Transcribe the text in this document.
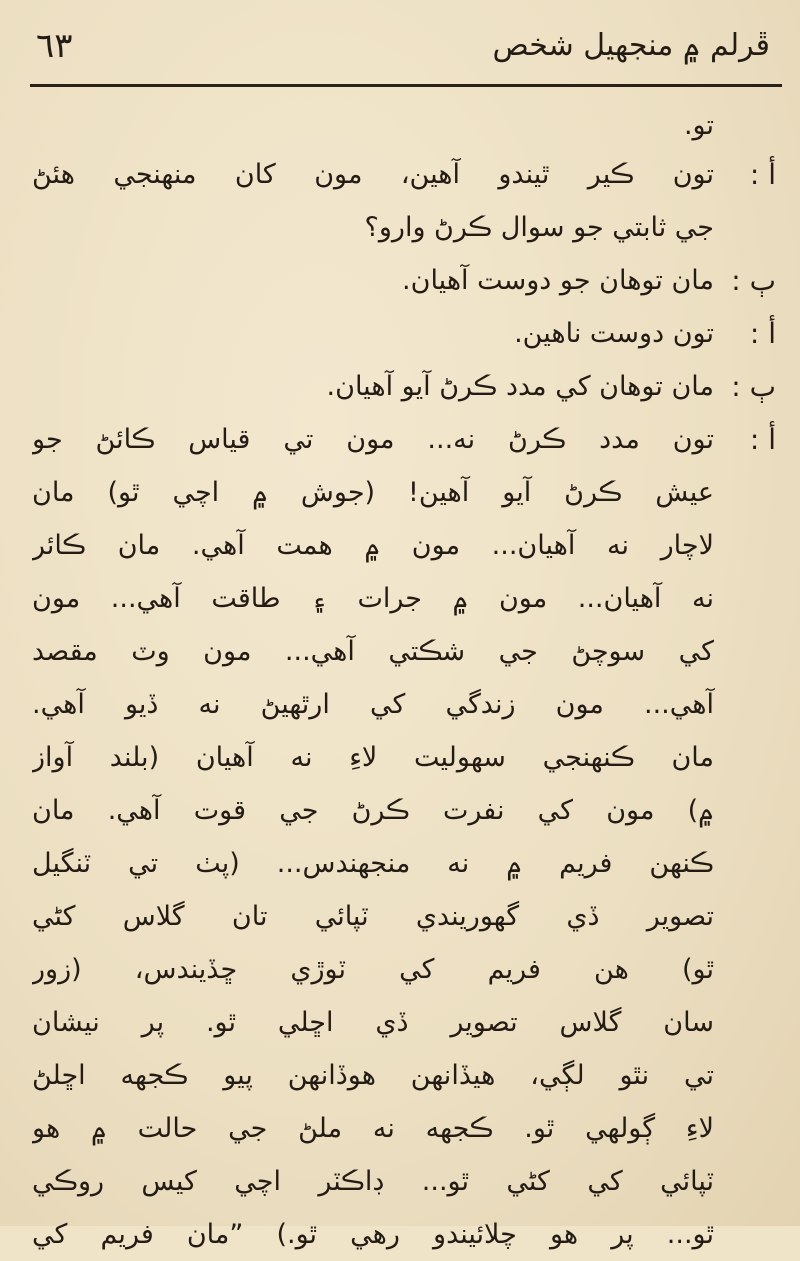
٦٣	ڦرلم ۾ منجهيل شخص
تو.
أ :
تون ڪير ٿيندو آهين، مون کان منهنجي هئڻ
جي ثابتي جو سوال ڪرڻ وارو؟
ٻ :
مان توهان جو دوست آهيان.
أ :
تون دوست ناهين.
ٻ :
مان توهان کي مدد ڪرڻ آيو آهيان.
أ :
تون مدد ڪرڻ نه... مون تي قياس ڪائڻ جو
عيش ڪرڻ آيو آهين! (جوش ۾ اچي ٿو) مان
لاچار نه آهيان... مون ۾ همت آهي. مان ڪائر
نه آهيان... مون ۾ جرات ۽ طاقت آهي... مون
کي سوچڻ جي شڪتي آهي... مون وٽ مقصد
آهي... مون زندگي کي ارٿهيڻ نه ڏيو آهي.
مان ڪنهنجي سهوليت لاءِ نه آهيان (بلند آواز
۾) مون کي نفرت ڪرڻ جي قوت آهي. مان
ڪنهن فريم ۾ نه منجهندس... (پٺ تي ٽنگيل
تصوير ڏي گهوريندي ٽپائي تان گلاس کڻي
ٿو) هن فريم کي ٽوڙي ڇڏيندس، (زور
سان گلاس تصوير ڏي اڇلي ٿو. پر نيشان
تي نٿو لڳي، هيڏانهن هوڏانهن پيو ڪجهه اڇلڻ
لاءِ ڳولهي ٿو. ڪجهه نه ملڻ جي حالت ۾ هو
ٽپائي کي کڻي ٿو... ڊاڪٽر اچي کيس روڪي
ٿو... پر هو چلائيندو رهي ٿو.) ”مان فريم کي
